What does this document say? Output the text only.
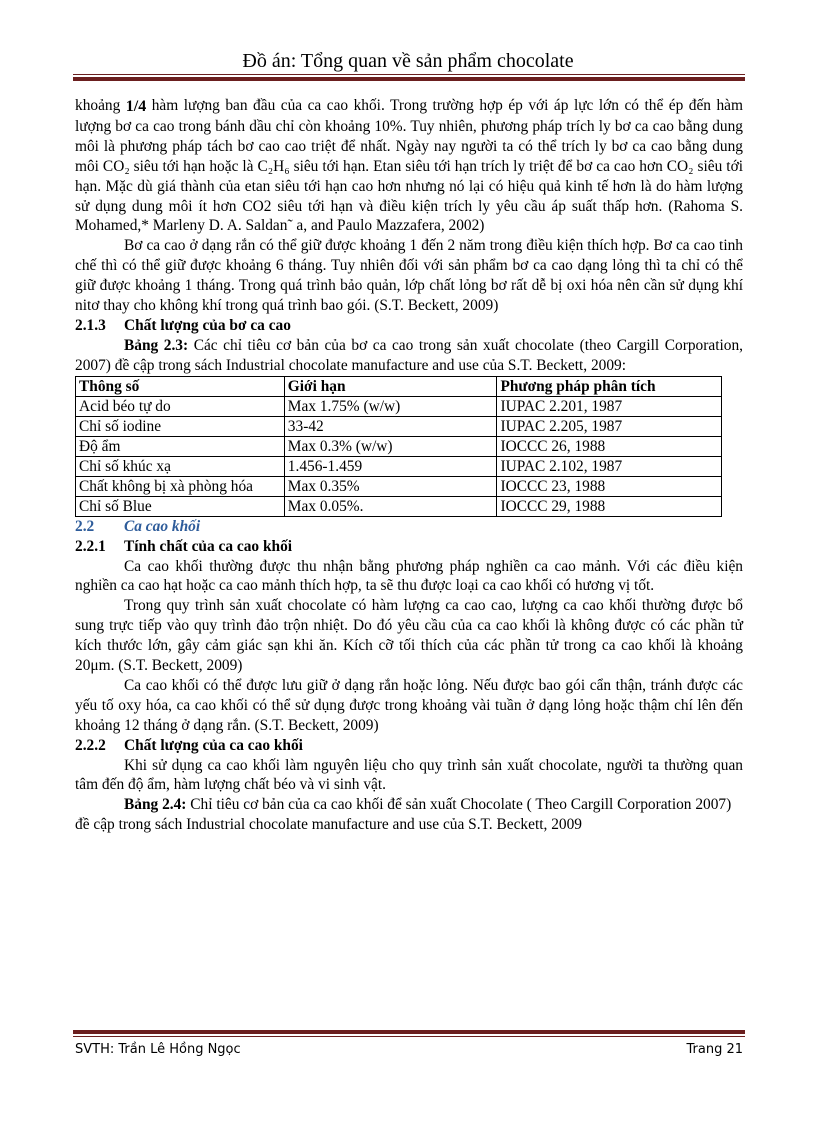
Đồ án: Tổng quan về sản phẩm chocolate

khoảng 1/4 hàm lượng ban đầu của ca cao khối. Trong trường hợp ép với áp lực lớn có thể ép đến hàm lượng bơ ca cao trong bánh dầu chỉ còn khoảng 10%. Tuy nhiên, phương pháp trích ly bơ ca cao bằng dung môi là phương pháp tách bơ cao cao triệt để nhất. Ngày nay người ta có thể trích ly bơ ca cao bằng dung môi CO₂ siêu tới hạn hoặc là C₂H₆ siêu tới hạn. Etan siêu tới hạn trích ly triệt để bơ ca cao hơn CO₂ siêu tới hạn. Mặc dù giá thành của etan siêu tới hạn cao hơn nhưng nó lại có hiệu quả kinh tế hơn là do hàm lượng sử dụng dung môi ít hơn CO2 siêu tới hạn và điều kiện trích ly yêu cầu áp suất thấp hơn. (Rahoma S. Mohamed,* Marleny D. A. Saldan˜ a, and Paulo Mazzafera, 2002)

Bơ ca cao ở dạng rắn có thể giữ được khoảng 1 đến 2 năm trong điều kiện thích hợp. Bơ ca cao tinh chế thì có thể giữ được khoảng 6 tháng. Tuy nhiên đối với sản phẩm bơ ca cao dạng lỏng thì ta chỉ có thể giữ được khoảng 1 tháng. Trong quá trình bảo quản, lớp chất lỏng bơ rất dễ bị oxi hóa nên cần sử dụng khí nitơ thay cho không khí trong quá trình bao gói. (S.T. Beckett, 2009)

2.1.3 Chất lượng của bơ ca cao

Bảng 2.3: Các chỉ tiêu cơ bản của bơ ca cao trong sản xuất chocolate (theo Cargill Corporation, 2007) đề cập trong sách Industrial chocolate manufacture and use của S.T. Beckett, 2009:

Thông số	Giới hạn	Phương pháp phân tích
Acid béo tự do	Max 1.75% (w/w)	IUPAC 2.201, 1987
Chỉ số iodine	33-42	IUPAC 2.205, 1987
Độ ẩm	Max 0.3% (w/w)	IOCCC 26, 1988
Chỉ số khúc xạ	1.456-1.459	IUPAC 2.102, 1987
Chất không bị xà phòng hóa	Max 0.35%	IOCCC 23, 1988
Chỉ số Blue	Max 0.05%.	IOCCC 29, 1988

2.2 Ca cao khối

2.2.1 Tính chất của ca cao khối

Ca cao khối thường được thu nhận bằng phương pháp nghiền ca cao mảnh. Với các điều kiện nghiền ca cao hạt hoặc ca cao mảnh thích hợp, ta sẽ thu được loại ca cao khối có hương vị tốt.

Trong quy trình sản xuất chocolate có hàm lượng ca cao cao, lượng ca cao khối thường được bổ sung trực tiếp vào quy trình đảo trộn nhiệt. Do đó yêu cầu của ca cao khối là không được có các phần tử kích thước lớn, gây cảm giác sạn khi ăn. Kích cỡ tối thích của các phần tử trong ca cao khối là khoảng 20μm. (S.T. Beckett, 2009)

Ca cao khối có thể được lưu giữ ở dạng rắn hoặc lỏng. Nếu được bao gói cẩn thận, tránh được các yếu tố oxy hóa, ca cao khối có thể sử dụng được trong khoảng vài tuần ở dạng lỏng hoặc thậm chí lên đến khoảng 12 tháng ở dạng rắn. (S.T. Beckett, 2009)

2.2.2 Chất lượng của ca cao khối

Khi sử dụng ca cao khối làm nguyên liệu cho quy trình sản xuất chocolate, người ta thường quan tâm đến độ ẩm, hàm lượng chất béo và vi sinh vật.

Bảng 2.4: Chỉ tiêu cơ bản của ca cao khối để sản xuất Chocolate ( Theo Cargill Corporation 2007) đề cập trong sách Industrial chocolate manufacture and use của S.T. Beckett, 2009

SVTH: Trần Lê Hồng Ngọc	Trang 21
